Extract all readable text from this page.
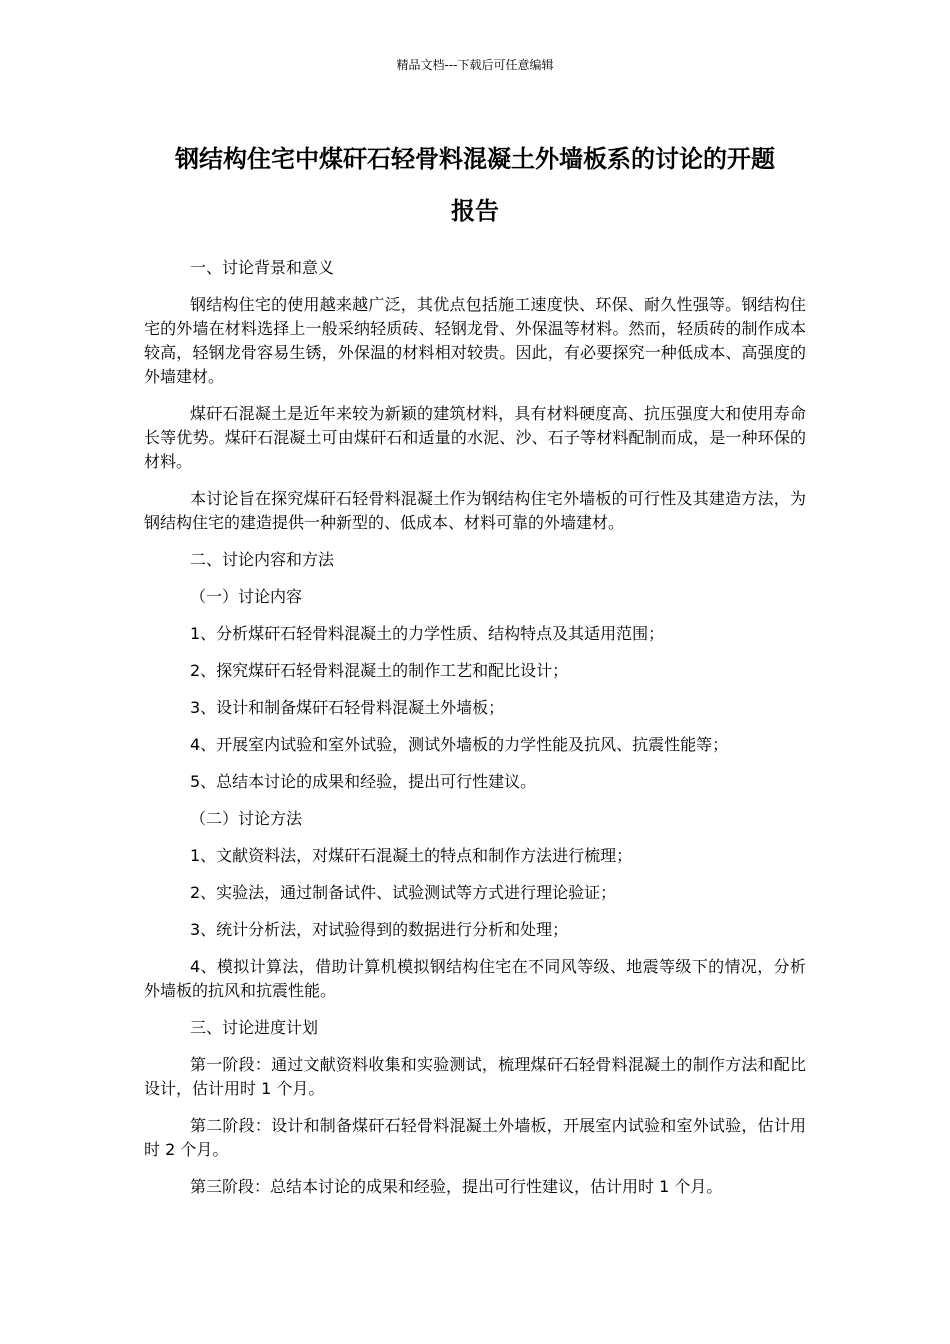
精品文档---下载后可任意编辑
钢结构住宅中煤矸石轻骨料混凝土外墙板系的讨论的开题
报告

一、讨论背景和意义

钢结构住宅的使用越来越广泛，其优点包括施工速度快、环保、耐久性强等。钢结构住宅的外墙在材料选择上一般采纳轻质砖、轻钢龙骨、外保温等材料。然而，轻质砖的制作成本较高，轻钢龙骨容易生锈，外保温的材料相对较贵。因此，有必要探究一种低成本、高强度的外墙建材。

煤矸石混凝土是近年来较为新颖的建筑材料，具有材料硬度高、抗压强度大和使用寿命长等优势。煤矸石混凝土可由煤矸石和适量的水泥、沙、石子等材料配制而成，是一种环保的材料。

本讨论旨在探究煤矸石轻骨料混凝土作为钢结构住宅外墙板的可行性及其建造方法，为钢结构住宅的建造提供一种新型的、低成本、材料可靠的外墙建材。

二、讨论内容和方法

（一）讨论内容

1、分析煤矸石轻骨料混凝土的力学性质、结构特点及其适用范围；

2、探究煤矸石轻骨料混凝土的制作工艺和配比设计；

3、设计和制备煤矸石轻骨料混凝土外墙板；

4、开展室内试验和室外试验，测试外墙板的力学性能及抗风、抗震性能等；

5、总结本讨论的成果和经验，提出可行性建议。

（二）讨论方法

1、文献资料法，对煤矸石混凝土的特点和制作方法进行梳理；

2、实验法，通过制备试件、试验测试等方式进行理论验证；

3、统计分析法，对试验得到的数据进行分析和处理；

4、模拟计算法，借助计算机模拟钢结构住宅在不同风等级、地震等级下的情况，分析外墙板的抗风和抗震性能。

三、讨论进度计划

第一阶段：通过文献资料收集和实验测试，梳理煤矸石轻骨料混凝土的制作方法和配比设计，估计用时 1 个月。

第二阶段：设计和制备煤矸石轻骨料混凝土外墙板，开展室内试验和室外试验，估计用时 2 个月。

第三阶段：总结本讨论的成果和经验，提出可行性建议，估计用时 1 个月。
